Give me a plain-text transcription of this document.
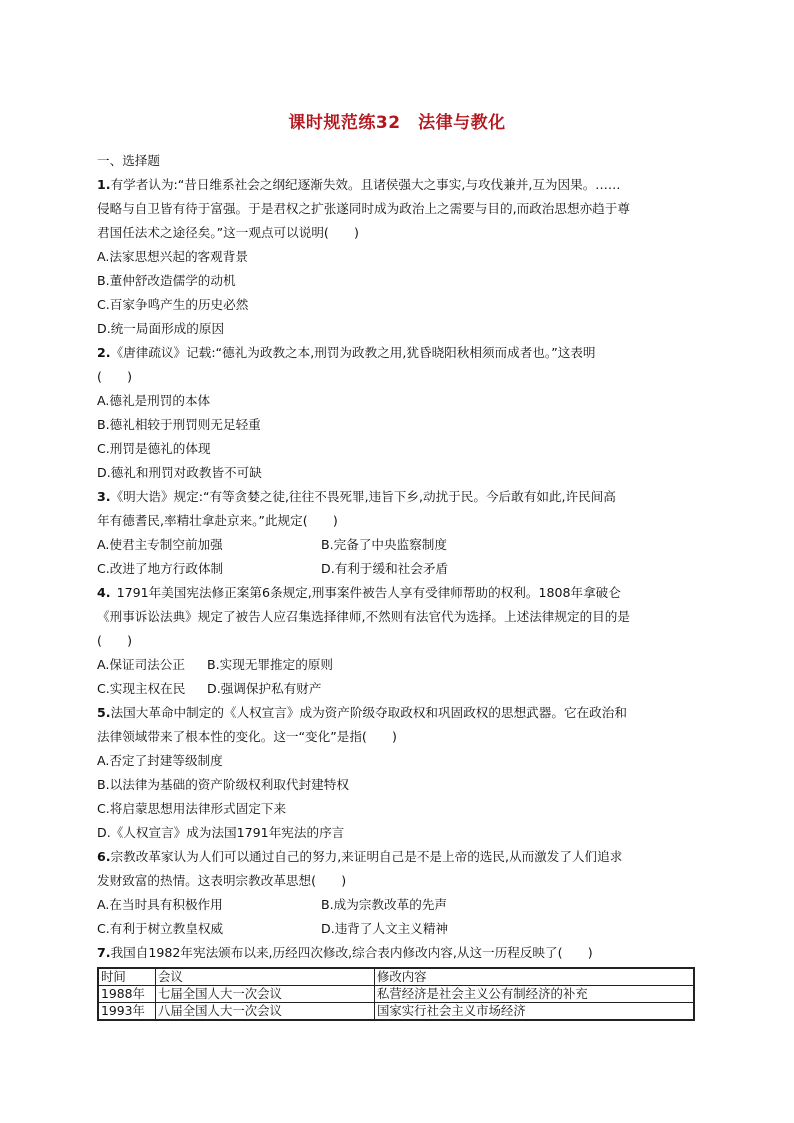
课时规范练32　法律与教化
一、选择题
1.有学者认为:“昔日维系社会之纲纪逐渐失效。且诸侯强大之事实,与攻伐兼并,互为因果。……
侵略与自卫皆有待于富强。于是君权之扩张遂同时成为政治上之需要与目的,而政治思想亦趋于尊
君国任法术之途径矣。”这一观点可以说明(　　)
A.法家思想兴起的客观背景
B.董仲舒改造儒学的动机
C.百家争鸣产生的历史必然
D.统一局面形成的原因
2.《唐律疏议》记载:“德礼为政教之本,刑罚为政教之用,犹昏晓阳秋相须而成者也。”这表明
(　　)
A.德礼是刑罚的本体
B.德礼相较于刑罚则无足轻重
C.刑罚是德礼的体现
D.德礼和刑罚对政教皆不可缺
3.《明大诰》规定:“有等贪婪之徒,往往不畏死罪,违旨下乡,动扰于民。今后敢有如此,许民间高
年有德耆民,率精壮拿赴京来。”此规定(　　)
A.使君主专制空前加强	B.完备了中央监察制度
C.改进了地方行政体制	D.有利于缓和社会矛盾
4. 1791年美国宪法修正案第6条规定,刑事案件被告人享有受律师帮助的权利。1808年拿破仑
《刑事诉讼法典》规定了被告人应召集选择律师,不然则有法官代为选择。上述法律规定的目的是
(　　)
A.保证司法公正 B.实现无罪推定的原则
C.实现主权在民 D.强调保护私有财产
5.法国大革命中制定的《人权宣言》成为资产阶级夺取政权和巩固政权的思想武器。它在政治和
法律领域带来了根本性的变化。这一“变化”是指(　　)
A.否定了封建等级制度
B.以法律为基础的资产阶级权利取代封建特权
C.将启蒙思想用法律形式固定下来
D.《人权宣言》成为法国1791年宪法的序言
6.宗教改革家认为人们可以通过自己的努力,来证明自己是不是上帝的选民,从而激发了人们追求
发财致富的热情。这表明宗教改革思想(　　)
A.在当时具有积极作用	B.成为宗教改革的先声
C.有利于树立教皇权威	D.违背了人文主义精神
7.我国自1982年宪法颁布以来,历经四次修改,综合表内修改内容,从这一历程反映了(　　)
时间	会议	修改内容
1988年	七届全国人大一次会议	私营经济是社会主义公有制经济的补充
1993年	八届全国人大一次会议	国家实行社会主义市场经济
